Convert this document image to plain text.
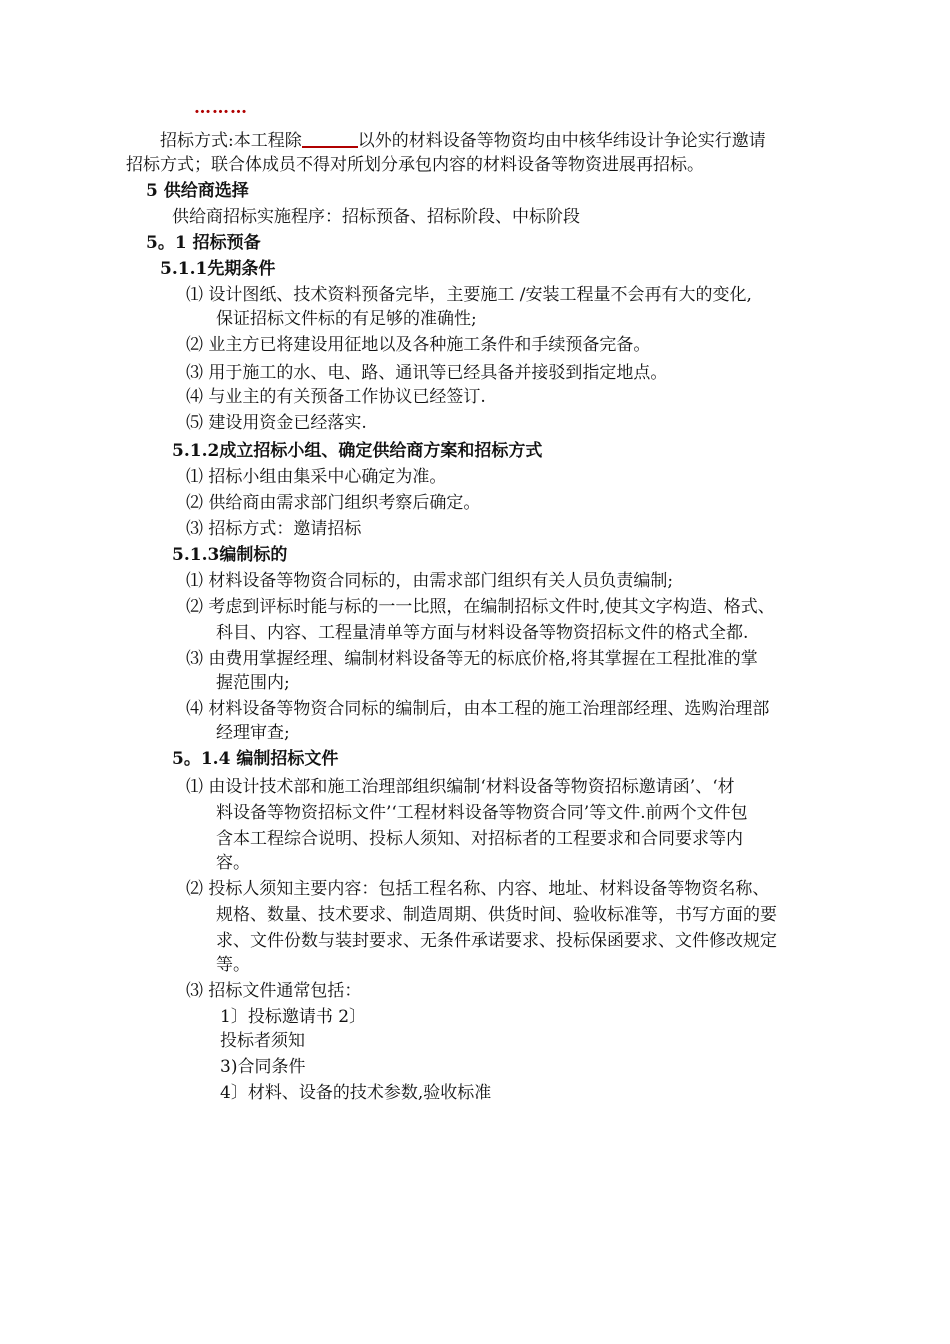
………
招标方式:本工程除	以外的材料设备等物资均由中核华纬设计争论实行邀请
招标方式；联合体成员不得对所划分承包内容的材料设备等物资进展再招标。
5 供给商选择
供给商招标实施程序：招标预备、招标阶段、中标阶段
5。1 招标预备
5.1.1先期条件
⑴ 设计图纸、技术资料预备完毕，主要施工 /安装工程量不会再有大的变化,
保证招标文件标的有足够的准确性;
⑵ 业主方已将建设用征地以及各种施工条件和手续预备完备。
⑶ 用于施工的水、电、路、通讯等已经具备并接驳到指定地点。
⑷ 与业主的有关预备工作协议已经签订.
⑸ 建设用资金已经落实.
5.1.2成立招标小组、确定供给商方案和招标方式
⑴ 招标小组由集采中心确定为准。
⑵ 供给商由需求部门组织考察后确定。
⑶ 招标方式：邀请招标
5.1.3编制标的
⑴ 材料设备等物资合同标的，由需求部门组织有关人员负责编制;
⑵ 考虑到评标时能与标的一一比照，在编制招标文件时,使其文字构造、格式、
科目、内容、工程量清单等方面与材料设备等物资招标文件的格式全都.
⑶ 由费用掌握经理、编制材料设备等无的标底价格,将其掌握在工程批准的掌
握范围内;
⑷ 材料设备等物资合同标的编制后，由本工程的施工治理部经理、选购治理部
经理审查;
5。1.4 编制招标文件
⑴ 由设计技术部和施工治理部组织编制‘材料设备等物资招标邀请函’、‘材
料设备等物资招标文件’‘工程材料设备等物资合同’等文件.前两个文件包
含本工程综合说明、投标人须知、对招标者的工程要求和合同要求等内
容。
⑵ 投标人须知主要内容：包括工程名称、内容、地址、材料设备等物资名称、
规格、数量、技术要求、制造周期、供货时间、验收标准等，书写方面的要
求、文件份数与装封要求、无条件承诺要求、投标保函要求、文件修改规定
等。
⑶ 招标文件通常包括：
1〕投标邀请书 2〕
投标者须知
3)合同条件
4〕材料、设备的技术参数,验收标准
